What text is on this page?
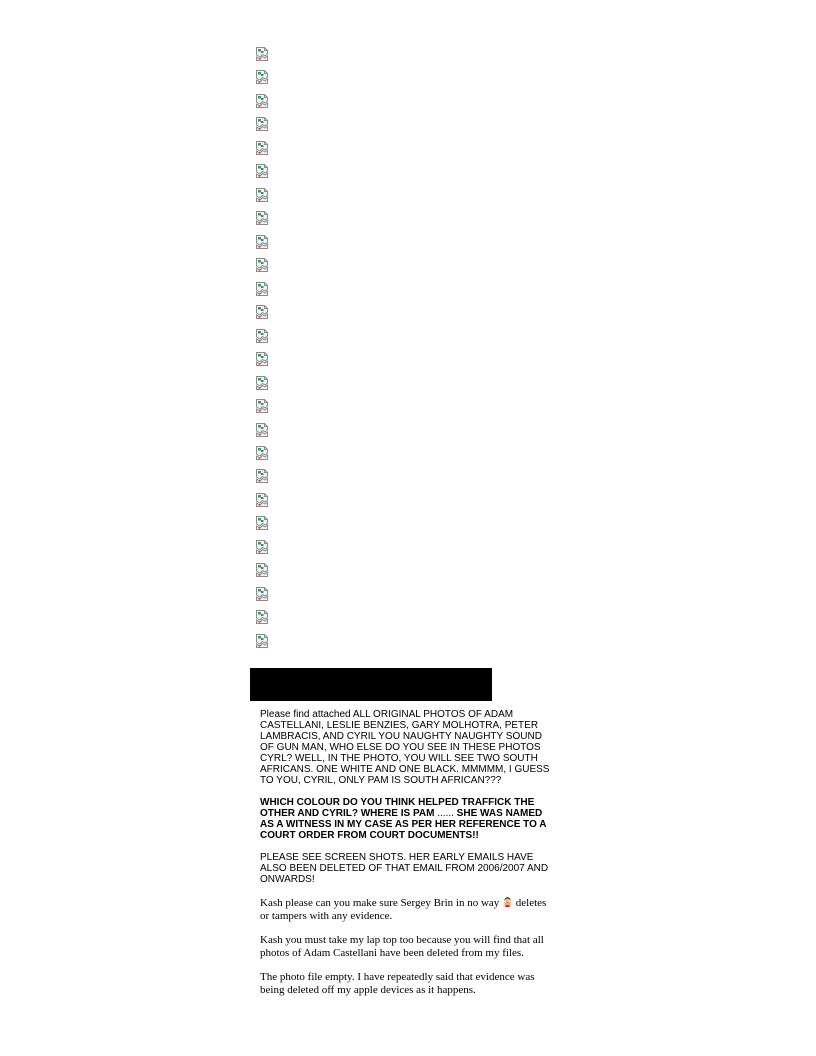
Please find attached ALL ORIGINAL PHOTOS OF ADAM CASTELLANI, LESLIE BENZIES, GARY MOLHOTRA, PETER LAMBRACIS, AND CYRIL YOU NAUGHTY NAUGHTY SOUND OF GUN MAN, WHO ELSE DO YOU SEE IN THESE PHOTOS CYRL? WELL, IN THE PHOTO, YOU WILL SEE TWO SOUTH AFRICANS. ONE WHITE AND ONE BLACK. MMMMM, I GUESS TO YOU, CYRIL, ONLY PAM IS SOUTH AFRICAN???

WHICH COLOUR DO YOU THINK HELPED TRAFFICK THE OTHER AND CYRIL? WHERE IS PAM ...... SHE WAS NAMED AS A WITNESS IN MY CASE AS PER HER REFERENCE TO A COURT ORDER FROM COURT DOCUMENTS!!

PLEASE SEE SCREEN SHOTS. HER EARLY EMAILS HAVE ALSO BEEN DELETED OF THAT EMAIL FROM 2006/2007 AND ONWARDS!

Kash please can you make sure Sergey Brin in no way  deletes or tampers with any evidence.

Kash you must take my lap top too because you will find that all photos of Adam Castellani have been deleted from my files.

The photo file empty. I have repeatedly said that evidence was being deleted off my apple devices as it happens.
